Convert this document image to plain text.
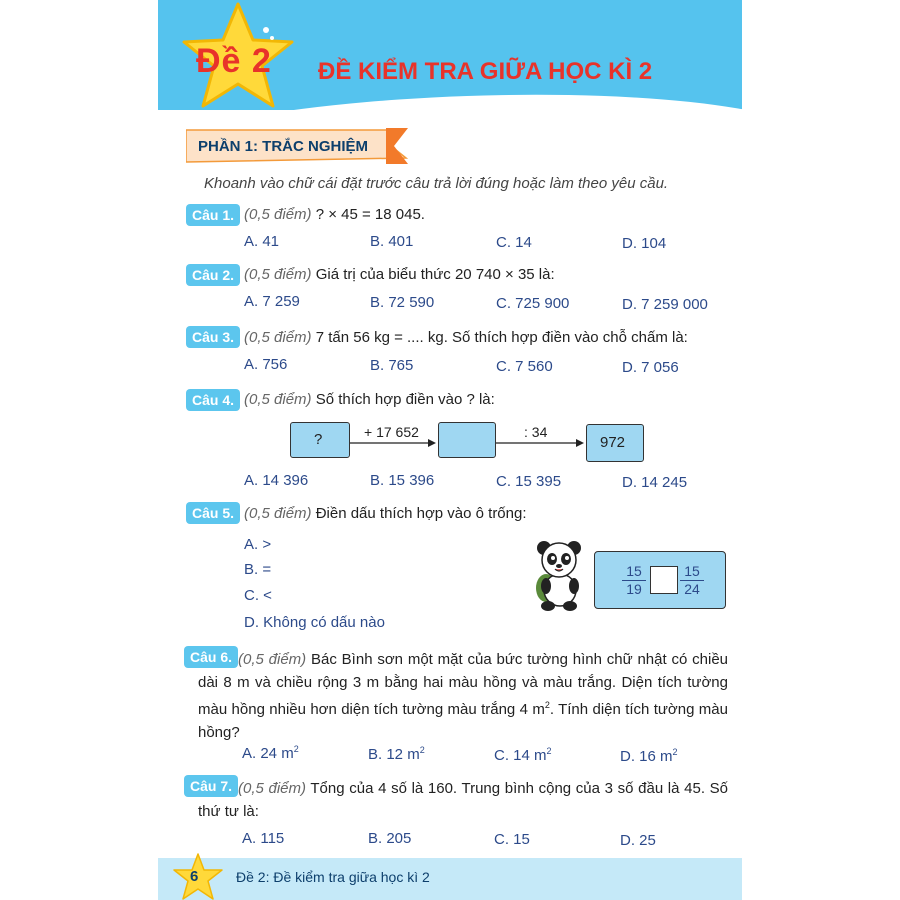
Đề 2 ĐỀ KIỂM TRA GIỮA HỌC KÌ 2
PHẦN 1: TRẮC NGHIỆM
Khoanh vào chữ cái đặt trước câu trả lời đúng hoặc làm theo yêu cầu.
Câu 1. (0,5 điểm) ? × 45 = 18 045.
A. 41	B. 401	C. 14	D. 104
Câu 2. (0,5 điểm) Giá trị của biểu thức 20 740 × 35 là:
A. 7 259	B. 72 590	C. 725 900	D. 7 259 000
Câu 3. (0,5 điểm) 7 tấn 56 kg = .... kg. Số thích hợp điền vào chỗ chấm là:
A. 756	B. 765	C. 7 560	D. 7 056
Câu 4. (0,5 điểm) Số thích hợp điền vào ? là:
?	972
+ 17 652	: 34
A. 14 396	B. 15 396	C. 15 395	D. 14 245
Câu 5. (0,5 điểm) Điền dấu thích hợp vào ô trống:
A. >
B. =
C. <
D. Không có dấu nào
$\frac{15}{19} \frac{15}{24}$
Câu 6. (0,5 điểm) Bác Bình sơn một mặt của bức tường hình chữ nhật có chiều dài 8 m và chiều rộng 3 m bằng hai màu hồng và màu trắng. Diện tích tường màu hồng nhiều hơn diện tích tường màu trắng 4 $m^2$. Tính diện tích tường màu hồng?
A. 24 $m^2$	B. 12 $m^2$	C. 14 $m^2$	D. 16 $m^2$
Câu 7. (0,5 điểm) Tổng của 4 số là 160. Trung bình cộng của 3 số đầu là 45. Số thứ tư là:
A. 115	B. 205	C. 15	D. 25
6	Đề 2: Đề kiểm tra giữa học kì 2
